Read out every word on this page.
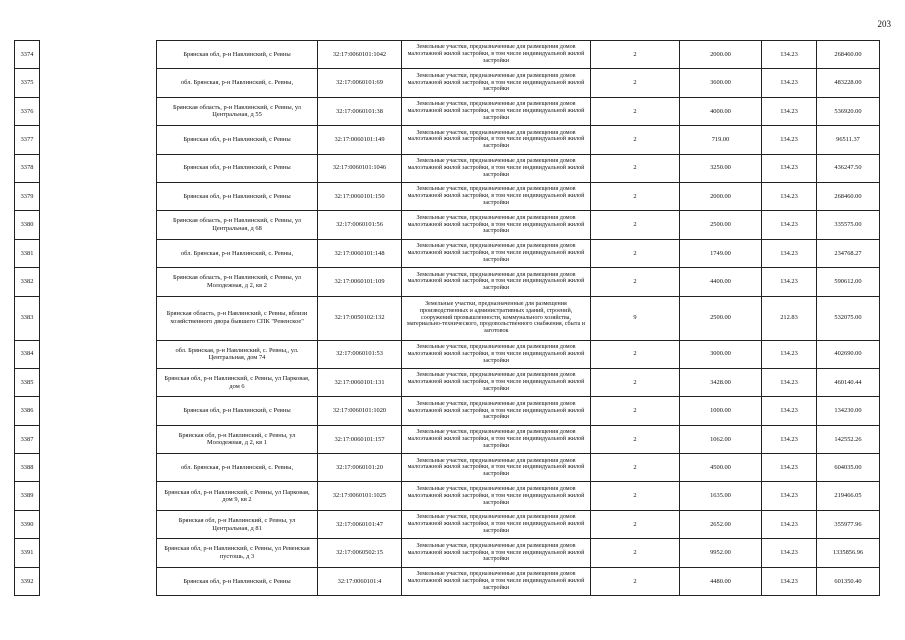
203
3374		Брянская обл, р-н Навлинский, с Ревны	32:17:0060101:1042	Земельные участки, предназначенные для размещения домов малоэтажной жилой застройки, в том числе индивидуальной жилой застройки	2	2000.00	134.23	268460.00
3375		обл. Брянская, р-н Навлинский, с. Ревны,	32:17:0060101:69	Земельные участки, предназначенные для размещения домов малоэтажной жилой застройки, в том числе индивидуальной жилой застройки	2	3600.00	134.23	483228.00
3376		Брянская область, р-н Навлинский, с Ревны, ул Центральная, д 55	32:17:0060101:38	Земельные участки, предназначенные для размещения домов малоэтажной жилой застройки, в том числе индивидуальной жилой застройки	2	4000.00	134.23	536920.00
3377		Брянская обл, р-н Навлинский, с Ревны	32:17:0060101:149	Земельные участки, предназначенные для размещения домов малоэтажной жилой застройки, в том числе индивидуальной жилой застройки	2	719.00	134.23	96511.37
3378		Брянская обл, р-н Навлинский, с Ревны	32:17:0060101:1046	Земельные участки, предназначенные для размещения домов малоэтажной жилой застройки, в том числе индивидуальной жилой застройки	2	3250.00	134.23	436247.50
3379		Брянская обл, р-н Навлинский, с Ревны	32:17:0060101:150	Земельные участки, предназначенные для размещения домов малоэтажной жилой застройки, в том числе индивидуальной жилой застройки	2	2000.00	134.23	268460.00
3380		Брянская область, р-н Навлинский, с Ревны, ул Центральная, д 68	32:17:0060101:56	Земельные участки, предназначенные для размещения домов малоэтажной жилой застройки, в том числе индивидуальной жилой застройки	2	2500.00	134.23	335575.00
3381		обл. Брянская, р-н Навлинский, с. Ревны,	32:17:0060101:148	Земельные участки, предназначенные для размещения домов малоэтажной жилой застройки, в том числе индивидуальной жилой застройки	2	1749.00	134.23	234768.27
3382		Брянская область, р-н Навлинский, с Ревны, ул Молодежная, д 2, кв 2	32:17:0060101:109	Земельные участки, предназначенные для размещения домов малоэтажной жилой застройки, в том числе индивидуальной жилой застройки	2	4400.00	134.23	590612.00
3383		Брянская область, р-н Навлинский, с Ревны, вблизи хозяйственного двора бывшего СПК "Ревенское"	32:17:0050102:132	Земельные участки, предназначенные для размещения производственных и административных зданий, строений, сооружений промышленности, коммунального хозяйства, материально-технического, продовольственного снабжения, сбыта и заготовок	9	2500.00	212.83	532075.00
3384		обл. Брянская, р-н Навлинский, с. Ревны,, ул. Центральная, дом 74	32:17:0060101:53	Земельные участки, предназначенные для размещения домов малоэтажной жилой застройки, в том числе индивидуальной жилой застройки	2	3000.00	134.23	402690.00
3385		Брянская обл, р-н Навлинский, с Ревны, ул Парковая, дом 6	32:17:0060101:131	Земельные участки, предназначенные для размещения домов малоэтажной жилой застройки, в том числе индивидуальной жилой застройки	2	3428.00	134.23	460140.44
3386		Брянская обл, р-н Навлинский, с Ревны	32:17:0060101:1020	Земельные участки, предназначенные для размещения домов малоэтажной жилой застройки, в том числе индивидуальной жилой застройки	2	1000.00	134.23	134230.00
3387		Брянская обл, р-н Навлинский, с Ревны, ул Молодежная, д 2, кв 1	32:17:0060101:157	Земельные участки, предназначенные для размещения домов малоэтажной жилой застройки, в том числе индивидуальной жилой застройки	2	1062.00	134.23	142552.26
3388		обл. Брянская, р-н Навлинский, с. Ревны,	32:17:0060101:20	Земельные участки, предназначенные для размещения домов малоэтажной жилой застройки, в том числе индивидуальной жилой застройки	2	4500.00	134.23	604035.00
3389		Брянская обл, р-н Навлинский, с Ревны, ул Парковая, дом 9, кв 2	32:17:0060101:1025	Земельные участки, предназначенные для размещения домов малоэтажной жилой застройки, в том числе индивидуальной жилой застройки	2	1635.00	134.23	219466.05
3390		Брянская обл, р-н Навлинский, с Ревны, ул Центральная, д 81	32:17:0060101:47	Земельные участки, предназначенные для размещения домов малоэтажной жилой застройки, в том числе индивидуальной жилой застройки	2	2652.00	134.23	355977.96
3391		Брянская обл, р-н Навлинский, с Ревны, ул Ревенская пустошь, д 3	32:17:0060502:15	Земельные участки, предназначенные для размещения домов малоэтажной жилой застройки, в том числе индивидуальной жилой застройки	2	9952.00	134.23	1335856.96
3392		Брянская обл, р-н Навлинский, с Ревны	32:17:0060101:4	Земельные участки, предназначенные для размещения домов малоэтажной жилой застройки, в том числе индивидуальной жилой застройки	2	4480.00	134.23	601350.40
